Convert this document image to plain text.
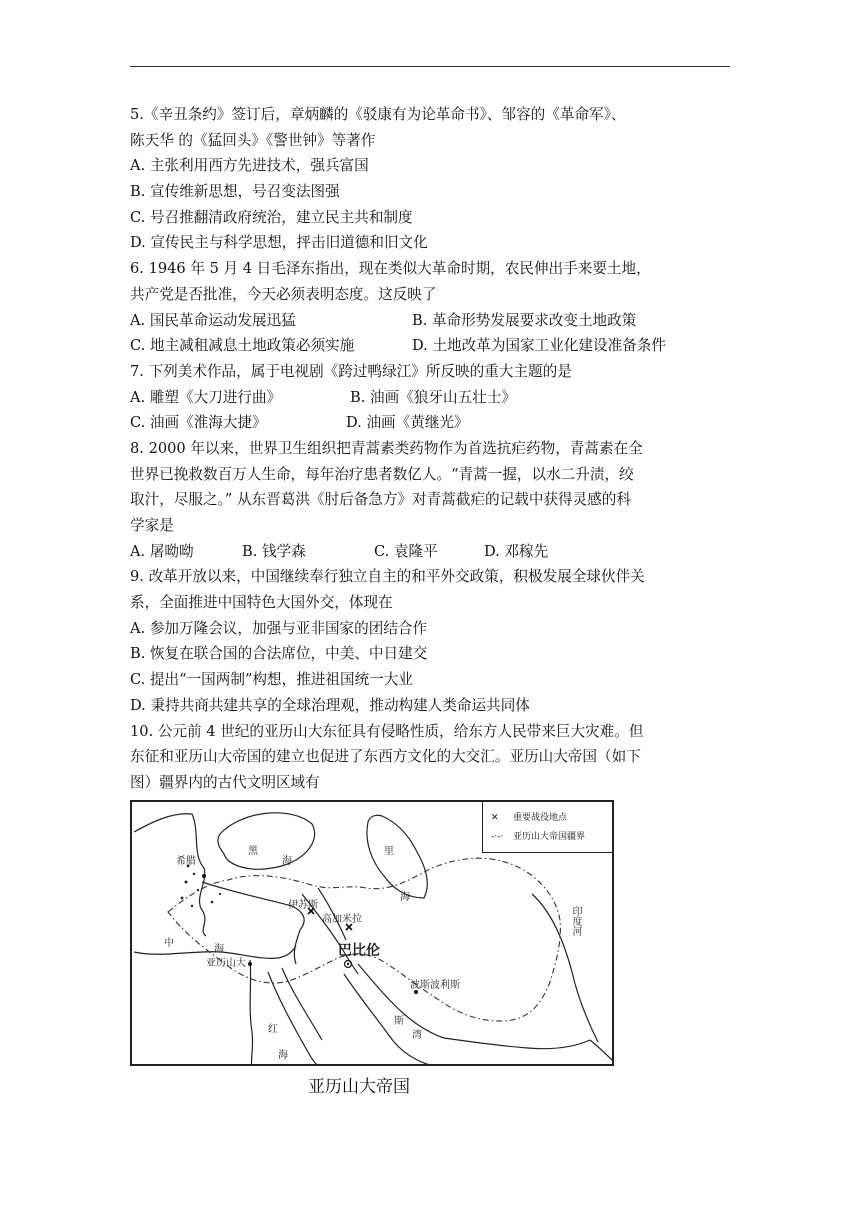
5.《辛丑条约》签订后，章炳麟的《驳康有为论革命书》、邹容的《革命军》、
陈天华 的《猛回头》《警世钟》等著作
A. 主张利用西方先进技术，强兵富国
B. 宣传维新思想，号召变法图强
C. 号召推翻清政府统治，建立民主共和制度
D. 宣传民主与科学思想，抨击旧道德和旧文化
6. 1946 年 5 月 4 日毛泽东指出，现在类似大革命时期，农民伸出手来要土地，
共产党是否批准，今天必须表明态度。这反映了
A. 国民革命运动发展迅猛	B. 革命形势发展要求改变土地政策
C. 地主减租减息土地政策必须实施	D. 土地改革为国家工业化建设准备条件
7. 下列美术作品，属于电视剧《跨过鸭绿江》所反映的重大主题的是
A. 雕塑《大刀进行曲》	B. 油画《狼牙山五壮士》
C. 油画《淮海大捷》	D. 油画《黄继光》
8. 2000 年以来，世界卫生组织把青蒿素类药物作为首选抗疟药物，青蒿素在全
世界已挽救数百万人生命，每年治疗患者数亿人。“青蒿一握，以水二升渍，绞
取汁，尽服之。” 从东晋葛洪《肘后备急方》对青蒿截疟的记载中获得灵感的科
学家是
A. 屠呦呦	B. 钱学森	C. 袁隆平	D. 邓稼先
9. 改革开放以来，中国继续奉行独立自主的和平外交政策，积极发展全球伙伴关
系，全面推进中国特色大国外交，体现在
A. 参加万隆会议，加强与亚非国家的团结合作
B. 恢复在联合国的合法席位，中美、中日建交
C. 提出“一国两制”构想，推进祖国统一大业
D. 秉持共商共建共享的全球治理观，推动构建人类命运共同体
10. 公元前 4 世纪的亚历山大东征具有侵略性质，给东方人民带来巨大灾难。但
东征和亚历山大帝国的建立也促进了东西方文化的大交汇。亚历山大帝国（如下
图）疆界内的古代文明区域有
✕ 重要战役地点
-·-· 亚历山大帝国疆界
希腊
黑
海
里
海
中
海
伊苏斯
高加米拉
巴比伦
亚历山大
波斯波利斯
红
海
斯
湾
印度河
亚历山大帝国
